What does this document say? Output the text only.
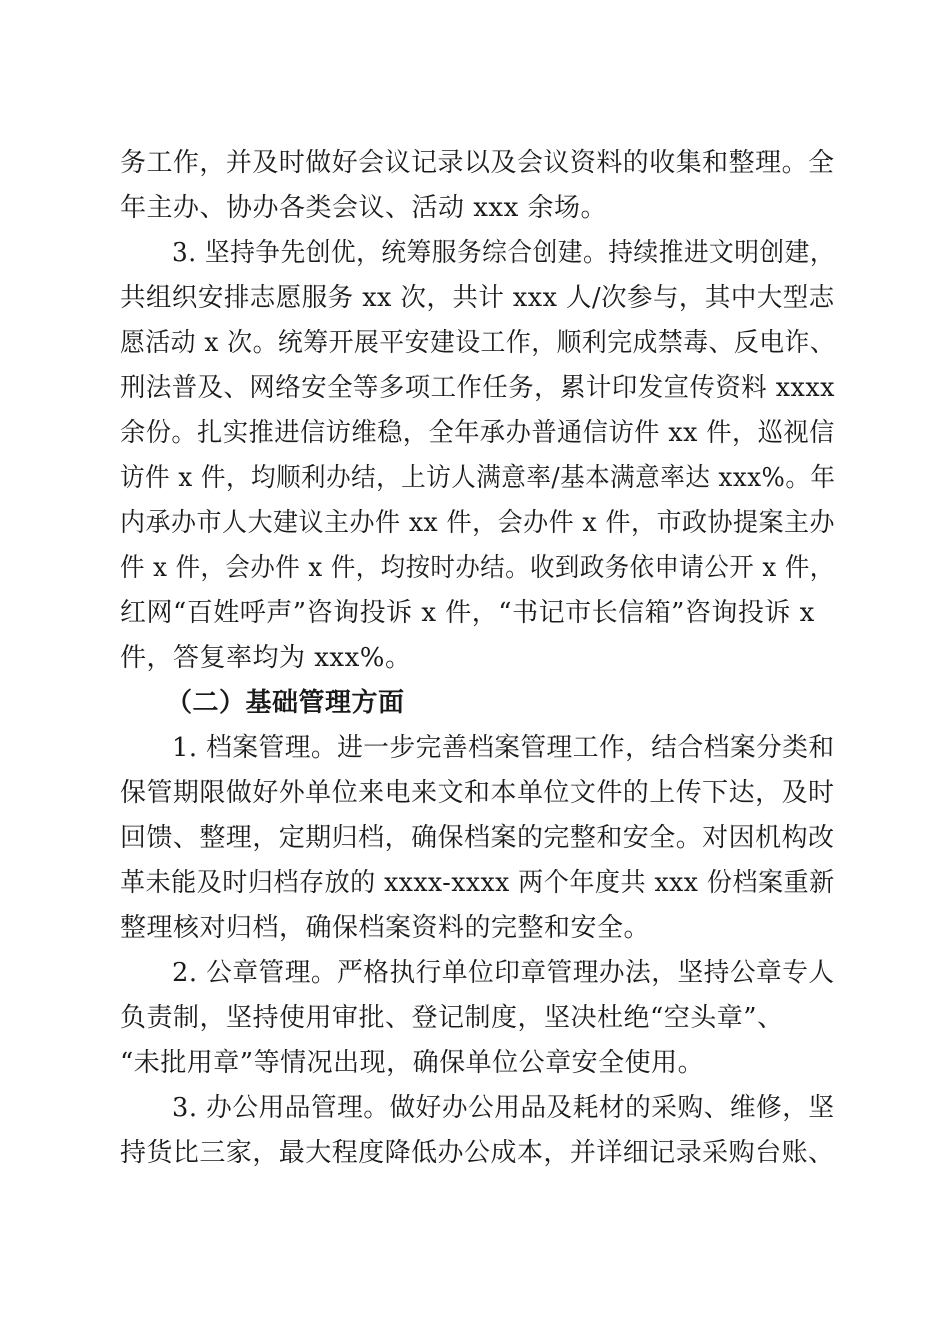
务工作，并及时做好会议记录以及会议资料的收集和整理。全
年主办、协办各类会议、活动 xxx 余场。
3. 坚持争先创优，统筹服务综合创建。持续推进文明创建，
共组织安排志愿服务 xx 次，共计 xxx 人/次参与，其中大型志
愿活动 x 次。统筹开展平安建设工作，顺利完成禁毒、反电诈、
刑法普及、网络安全等多项工作任务，累计印发宣传资料 xxxx
余份。扎实推进信访维稳，全年承办普通信访件 xx 件，巡视信
访件 x 件，均顺利办结，上访人满意率/基本满意率达 xxx%。年
内承办市人大建议主办件 xx 件，会办件 x 件，市政协提案主办
件 x 件，会办件 x 件，均按时办结。收到政务依申请公开 x 件，
红网“百姓呼声”咨询投诉 x 件，“书记市长信箱”咨询投诉 x
件，答复率均为 xxx%。
（二）基础管理方面
1. 档案管理。进一步完善档案管理工作，结合档案分类和
保管期限做好外单位来电来文和本单位文件的上传下达，及时
回馈、整理，定期归档，确保档案的完整和安全。对因机构改
革未能及时归档存放的 xxxx-xxxx 两个年度共 xxx 份档案重新
整理核对归档，确保档案资料的完整和安全。
2. 公章管理。严格执行单位印章管理办法，坚持公章专人
负责制，坚持使用审批、登记制度，坚决杜绝“空头章”、
“未批用章”等情况出现，确保单位公章安全使用。
3. 办公用品管理。做好办公用品及耗材的采购、维修，坚
持货比三家，最大程度降低办公成本，并详细记录采购台账、
